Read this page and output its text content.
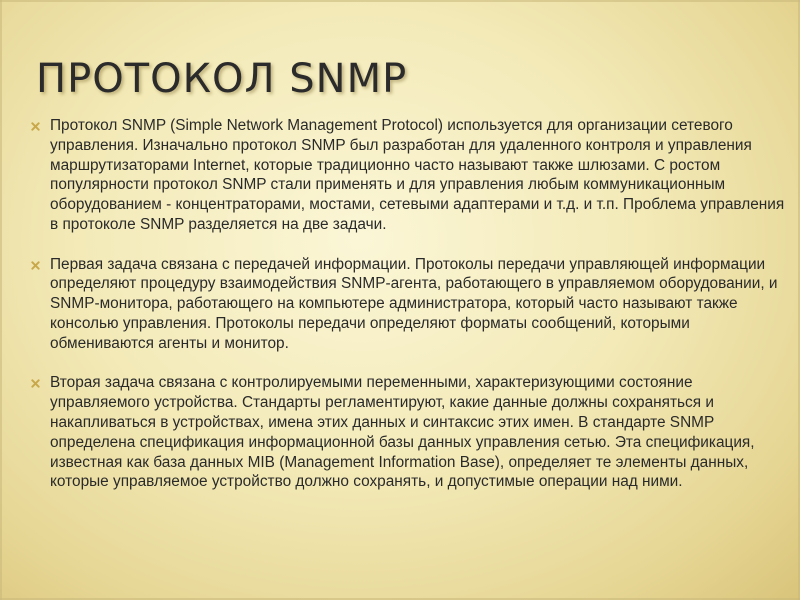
ПРОТОКОЛ SNMP

Протокол SNMP (Simple Network Management Protocol) используется для организации сетевого управления. Изначально протокол SNMP был разработан для удаленного контроля и управления маршрутизаторами Internet, которые традиционно часто называют также шлюзами. С ростом популярности протокол SNMP стали применять и для управления любым коммуникационным оборудованием - концентраторами, мостами, сетевыми адаптерами и т.д. и т.п. Проблема управления в протоколе SNMP разделяется на две задачи.

Первая задача связана с передачей информации. Протоколы передачи управляющей информации определяют процедуру взаимодействия SNMP-агента, работающего в управляемом оборудовании, и SNMP-монитора, работающего на компьютере администратора, который часто называют также консолью управления. Протоколы передачи определяют форматы сообщений, которыми обмениваются агенты и монитор.

Вторая задача связана с контролируемыми переменными, характеризующими состояние управляемого устройства. Стандарты регламентируют, какие данные должны сохраняться и накапливаться в устройствах, имена этих данных и синтаксис этих имен. В стандарте SNMP определена спецификация информационной базы данных управления сетью. Эта спецификация, известная как база данных MIB (Management Information Base), определяет те элементы данных, которые управляемое устройство должно сохранять, и допустимые операции над ними.
